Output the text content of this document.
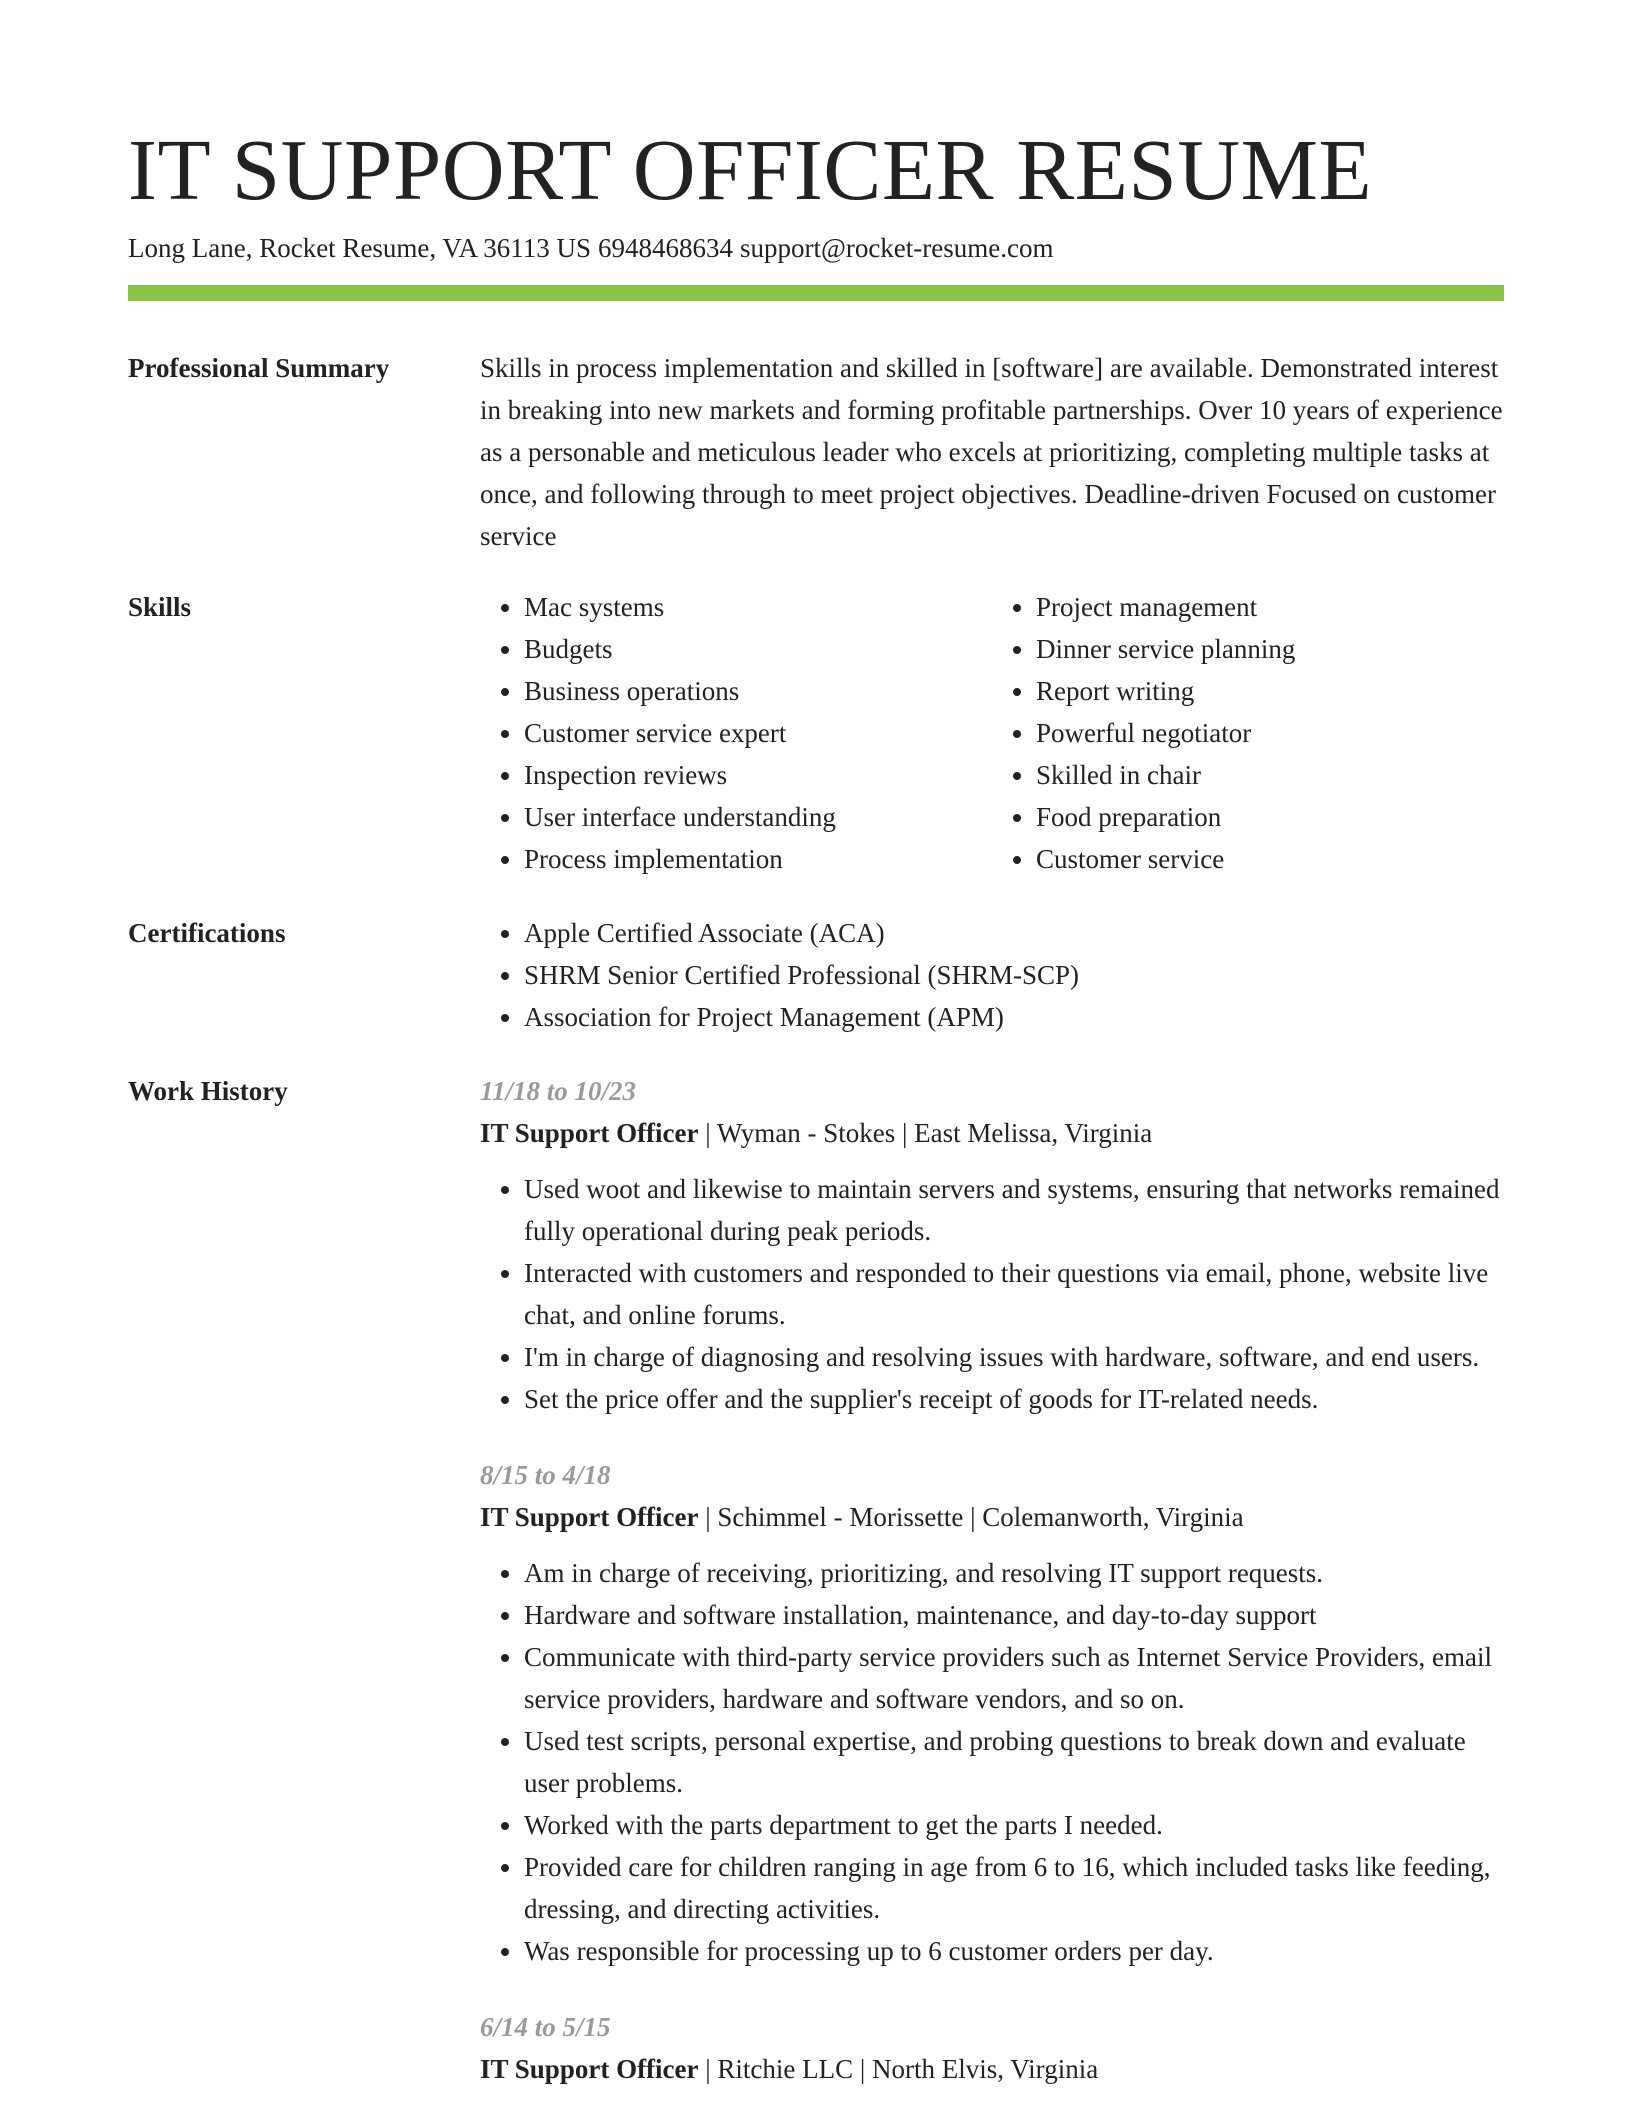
IT SUPPORT OFFICER RESUME
Long Lane, Rocket Resume, VA 36113 US 6948468634 support@rocket-resume.com
Professional Summary	Skills in process implementation and skilled in [software] are available. Demonstrated interest in breaking into new markets and forming profitable partnerships. Over 10 years of experience as a personable and meticulous leader who excels at prioritizing, completing multiple tasks at once, and following through to meet project objectives. Deadline-driven Focused on customer service
Skills	• Mac systems
• Budgets
• Business operations
• Customer service expert
• Inspection reviews
• User interface understanding
• Process implementation
• Project management
• Dinner service planning
• Report writing
• Powerful negotiator
• Skilled in chair
• Food preparation
• Customer service
Certifications	• Apple Certified Associate (ACA)
• SHRM Senior Certified Professional (SHRM-SCP)
• Association for Project Management (APM)
Work History	11/18 to 10/23
IT Support Officer | Wyman - Stokes | East Melissa, Virginia
• Used woot and likewise to maintain servers and systems, ensuring that networks remained fully operational during peak periods.
• Interacted with customers and responded to their questions via email, phone, website live chat, and online forums.
• I'm in charge of diagnosing and resolving issues with hardware, software, and end users.
• Set the price offer and the supplier's receipt of goods for IT-related needs.
8/15 to 4/18
IT Support Officer | Schimmel - Morissette | Colemanworth, Virginia
• Am in charge of receiving, prioritizing, and resolving IT support requests.
• Hardware and software installation, maintenance, and day-to-day support
• Communicate with third-party service providers such as Internet Service Providers, email service providers, hardware and software vendors, and so on.
• Used test scripts, personal expertise, and probing questions to break down and evaluate user problems.
• Worked with the parts department to get the parts I needed.
• Provided care for children ranging in age from 6 to 16, which included tasks like feeding, dressing, and directing activities.
• Was responsible for processing up to 6 customer orders per day.
6/14 to 5/15
IT Support Officer | Ritchie LLC | North Elvis, Virginia
